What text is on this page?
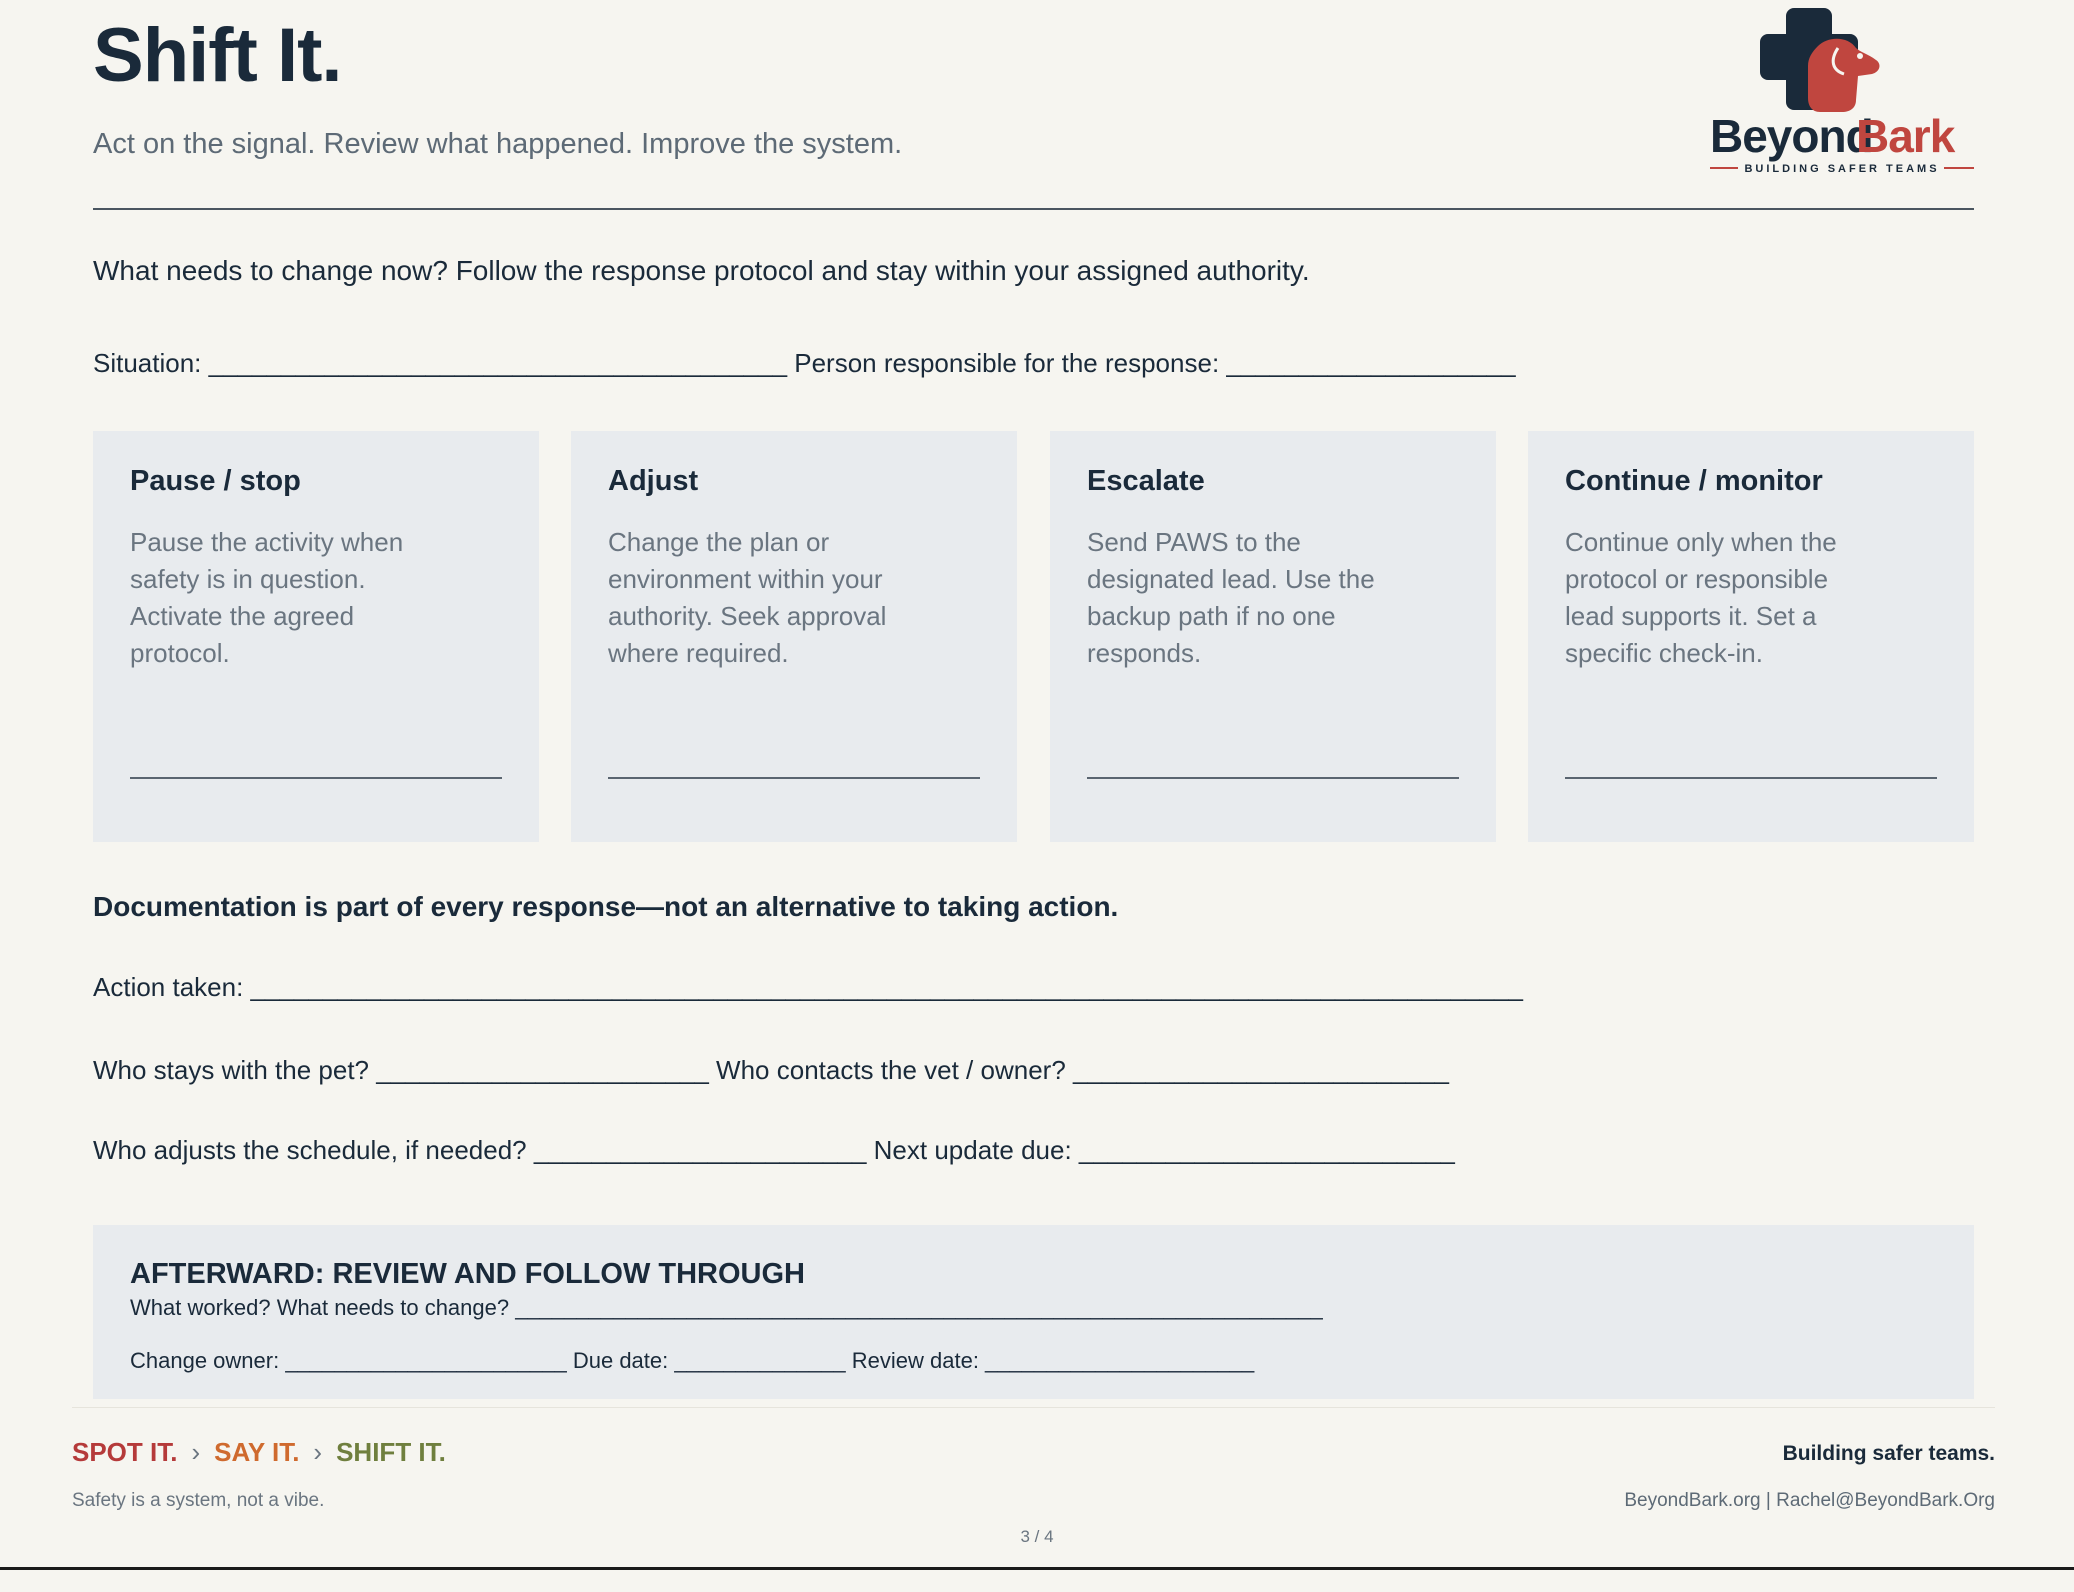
Shift It.
Act on the signal. Review what happened. Improve the system.	Beyond
Bark
BUILDING SAFER TEAMS
What needs to change now? Follow the response protocol and stay within your assigned authority.
Situation: ________________________________________ Person responsible for the response: ____________________
Pause / stop

Pause the activity when safety is in question. Activate the agreed protocol.

Adjust

Change the plan or environment within your authority. Seek approval where required.

Escalate

Send PAWS to the designated lead. Use the backup path if no one responds.

Continue / monitor

Continue only when the protocol or responsible lead supports it. Set a specific check-in.

Documentation is part of every response—not an alternative to taking action.
Action taken: ________________________________________________________________________________________
Who stays with the pet? _______________________ Who contacts the vet / owner? __________________________
Who adjusts the schedule, if needed? _______________________ Next update due: __________________________
AFTERWARD: REVIEW AND FOLLOW THROUGH
What worked? What needs to change? __________________________________________________________________
Change owner: _______________________ Due date: ______________ Review date: ______________________
SPOT IT. › SAY IT. › SHIFT IT.
Safety is a system, not a vibe.
Building safer teams.
BeyondBark.org | Rachel@BeyondBark.Org
3 / 4
